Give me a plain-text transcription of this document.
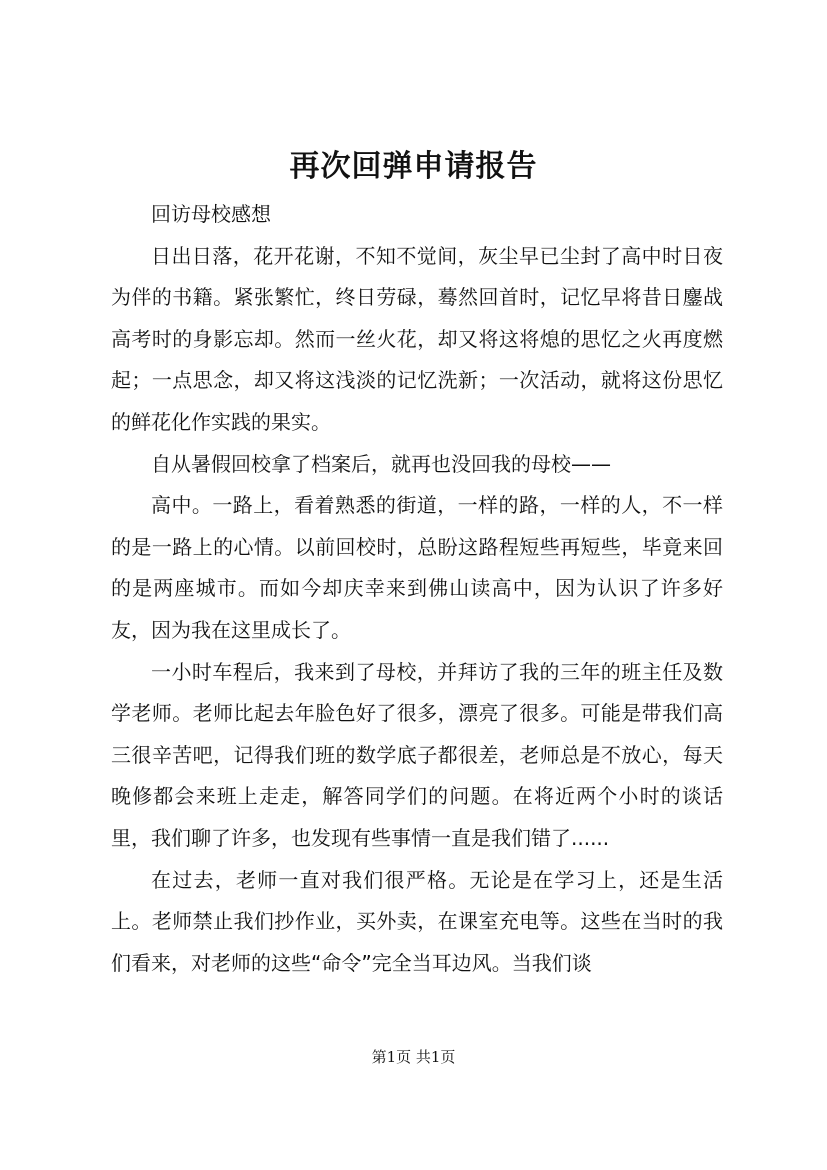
再次回弹申请报告

回访母校感想

日出日落，花开花谢，不知不觉间，灰尘早已尘封了高中时日夜为伴的书籍。紧张繁忙，终日劳碌，蓦然回首时，记忆早将昔日鏖战高考时的身影忘却。然而一丝火花，却又将这将熄的思忆之火再度燃起；一点思念，却又将这浅淡的记忆洗新；一次活动，就将这份思忆的鲜花化作实践的果实。

自从暑假回校拿了档案后，就再也没回我的母校——

高中。一路上，看着熟悉的街道，一样的路，一样的人，不一样的是一路上的心情。以前回校时，总盼这路程短些再短些，毕竟来回的是两座城市。而如今却庆幸来到佛山读高中，因为认识了许多好友，因为我在这里成长了。

一小时车程后，我来到了母校，并拜访了我的三年的班主任及数学老师。老师比起去年脸色好了很多，漂亮了很多。可能是带我们高三很辛苦吧，记得我们班的数学底子都很差，老师总是不放心，每天晚修都会来班上走走，解答同学们的问题。在将近两个小时的谈话里，我们聊了许多，也发现有些事情一直是我们错了......

在过去，老师一直对我们很严格。无论是在学习上，还是生活上。老师禁止我们抄作业，买外卖，在课室充电等。这些在当时的我们看来，对老师的这些“命令”完全当耳边风。当我们谈

第1页 共1页
